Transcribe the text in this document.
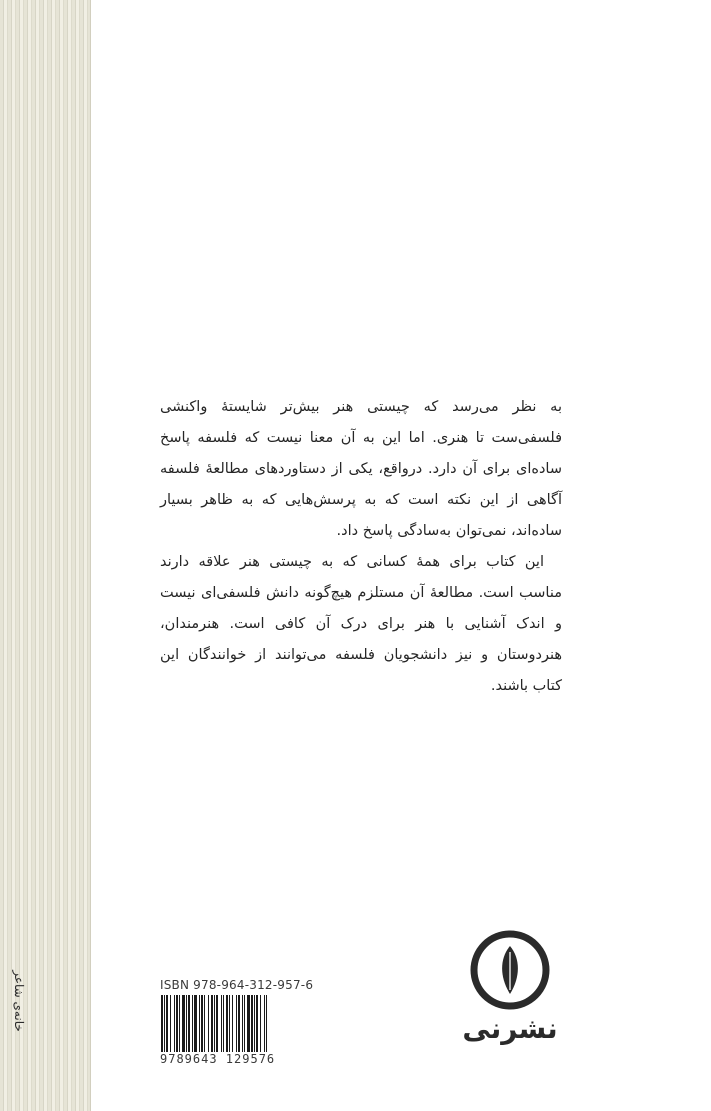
خانه‌ی شاعر

به نظر می‌رسد که چیستی هنر بیش‌تر شایستهٔ واکنشی فلسفی‌ست تا هنری. اما این به آن معنا نیست که فلسفه پاسخ ساده‌ای برای آن دارد. درواقع، یکی از دستاوردهای مطالعهٔ فلسفه آگاهی از این نکته است که به پرسش‌هایی که به ظاهر بسیار ساده‌اند، نمی‌توان به‌سادگی پاسخ داد.

این کتاب برای همهٔ کسانی که به چیستی هنر علاقه دارند مناسب است. مطالعهٔ آن مستلزم هیچ‌گونه دانش فلسفی‌ای نیست و اندک آشنایی با هنر برای درک آن کافی است. هنرمندان، هنردوستان و نیز دانشجویان فلسفه می‌توانند از خوانندگان این کتاب باشند.

ISBN 978-964-312-957-6
9789643 129576
نشرنی
